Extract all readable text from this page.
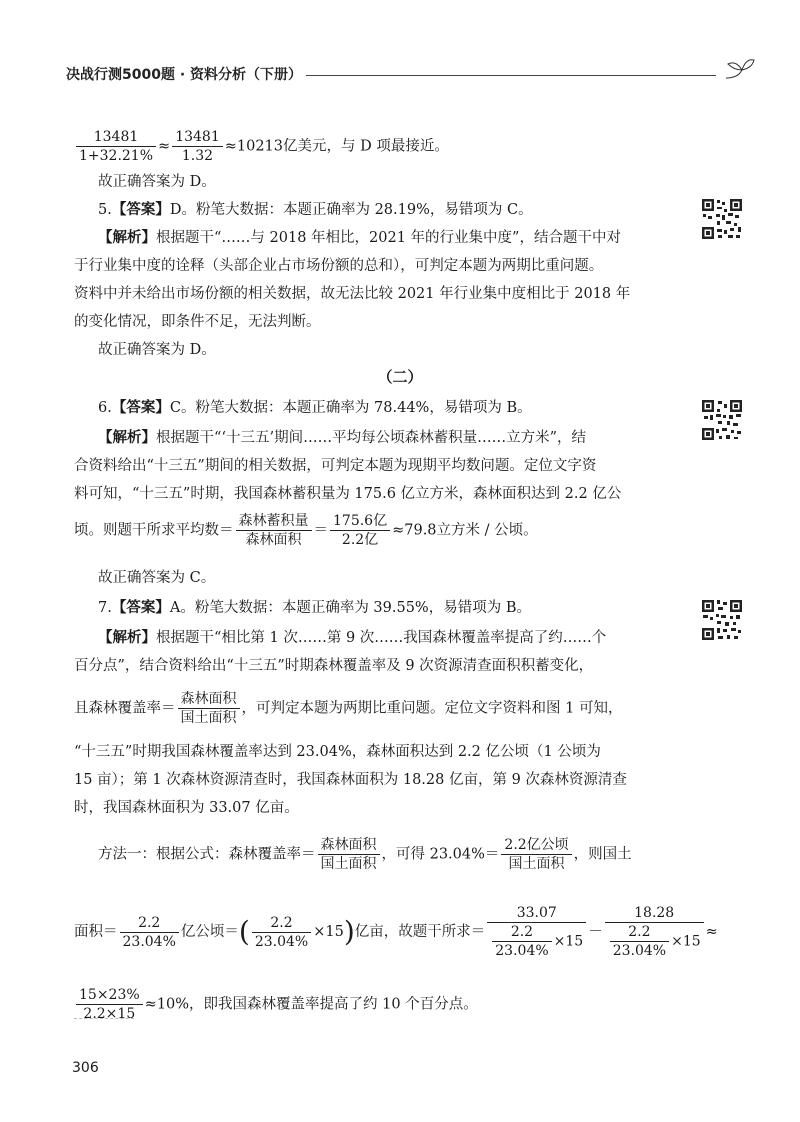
决战行测5000题 · 资料分析（下册）
$\frac{13481}{1+32.21\%} \approx \frac{13481}{1.32} \approx 10213$亿美元，与 D 项最接近。
故正确答案为 D。
5.【答案】D。粉笔大数据：本题正确率为 28.19%，易错项为 C。
【解析】根据题干“……与 2018 年相比，2021 年的行业集中度”，结合题干中对
于行业集中度的诠释（头部企业占市场份额的总和），可判定本题为两期比重问题。
资料中并未给出市场份额的相关数据，故无法比较 2021 年行业集中度相比于 2018 年
的变化情况，即条件不足，无法判断。
故正确答案为 D。
（二）
6.【答案】C。粉笔大数据：本题正确率为 78.44%，易错项为 B。
【解析】根据题干“‘十三五’期间……平均每公顷森林蓄积量……立方米”，结
合资料给出“十三五”期间的相关数据，可判定本题为现期平均数问题。定位文字资
料可知，“十三五”时期，我国森林蓄积量为 175.6 亿立方米，森林面积达到 2.2 亿公
顷。则题干所求平均数＝ $\frac{\text{森林蓄积量}}{\text{森林面积}} = \frac{\text{175.6亿}}{\text{2.2亿}} \approx 79.8$立方米 / 公顷。
故正确答案为 C。
7.【答案】A。粉笔大数据：本题正确率为 39.55%，易错项为 B。
【解析】根据题干“相比第 1 次……第 9 次……我国森林覆盖率提高了约……个
百分点”，结合资料给出“十三五”时期森林覆盖率及 9 次资源清查面积积蓄变化，
且森林覆盖率＝ $\frac{\text{森林面积}}{\text{国土面积}}$ ，可判定本题为两期比重问题。定位文字资料和图 1 可知，
“十三五”时期我国森林覆盖率达到 23.04%，森林面积达到 2.2 亿公顷（1 公顷为
15 亩）；第 1 次森林资源清查时，我国森林面积为 18.28 亿亩，第 9 次森林资源清查
时，我国森林面积为 33.07 亿亩。
方法一：根据公式：森林覆盖率＝ $\frac{\text{森林面积}}{\text{国土面积}}$ ，可得 $23.04\%= \frac{\text{2.2亿公顷}}{\text{国土面积}}$ ，则国土
面积＝ $\frac{2.2}{23.04\%}$ 亿公顷＝( $\frac{2.2}{23.04\%} \times 15$)亿亩，故题干所求＝ $\frac{33.07}{\frac{2.2}{23.04\%} \times 15} - \frac{18.28}{\frac{2.2}{23.04\%} \times 15}$ ≈
$\frac{15\times 23\%}{2.2\times 15} \approx 10\%$，即我国森林覆盖率提高了约 10 个百分点。
306
